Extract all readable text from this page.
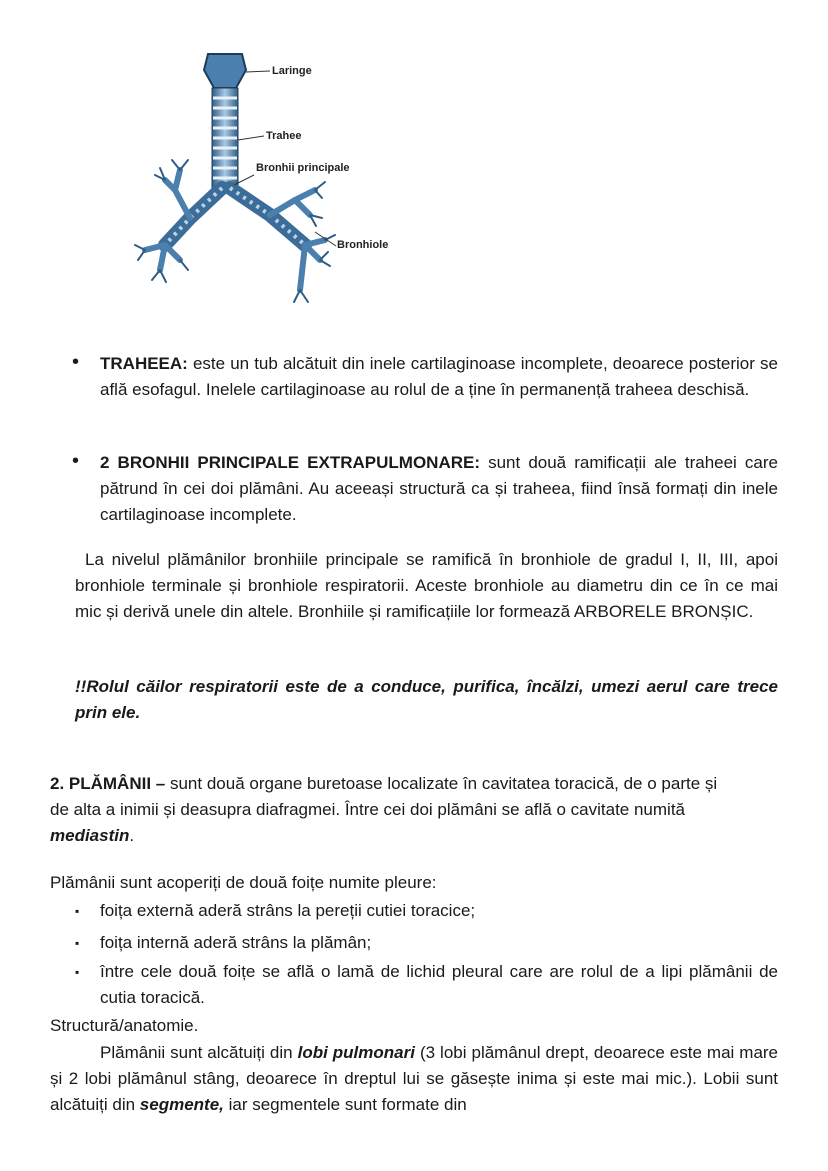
Laringe
Trahee
Bronhii principale
Bronhiole
• TRAHEEA: este un tub alcătuit din inele cartilaginoase incomplete, deoarece posterior se află esofagul. Inelele cartilaginoase au rolul de a ține în permanență traheea deschisă.
• 2 BRONHII PRINCIPALE EXTRAPULMONARE: sunt două ramificații ale traheei care pătrund în cei doi plămâni. Au aceeași structură ca și traheea, fiind însă formați din inele cartilaginoase incomplete.
La nivelul plămânilor bronhiile principale se ramifică în bronhiole de gradul I, II, III, apoi bronhiole terminale și bronhiole respiratorii. Aceste bronhiole au diametru din ce în ce mai mic și derivă unele din altele. Bronhiile și ramificațiile lor formează ARBORELE BRONȘIC.
!!Rolul căilor respiratorii este de a conduce, purifica, încălzi, umezi aerul care trece prin ele.
2. PLĂMÂNII – sunt două organe buretoase localizate în cavitatea toracică, de o parte și de alta a inimii și deasupra diafragmei. Între cei doi plămâni se află o cavitate numită mediastin.
Plămânii sunt acoperiți de două foițe numite pleure:
▪ foița externă aderă strâns la pereții cutiei toracice;
▪ foița internă aderă strâns la plămân;
▪ între cele două foițe se află o lamă de lichid pleural care are rolul de a lipi plămânii de cutia toracică.
Structură/anatomie.
Plămânii sunt alcătuiți din lobi pulmonari (3 lobi plămânul drept, deoarece este mai mare și 2 lobi plămânul stâng, deoarece în dreptul lui se găsește inima și este mai mic.). Lobii sunt alcătuiți din segmente, iar segmentele sunt formate din
